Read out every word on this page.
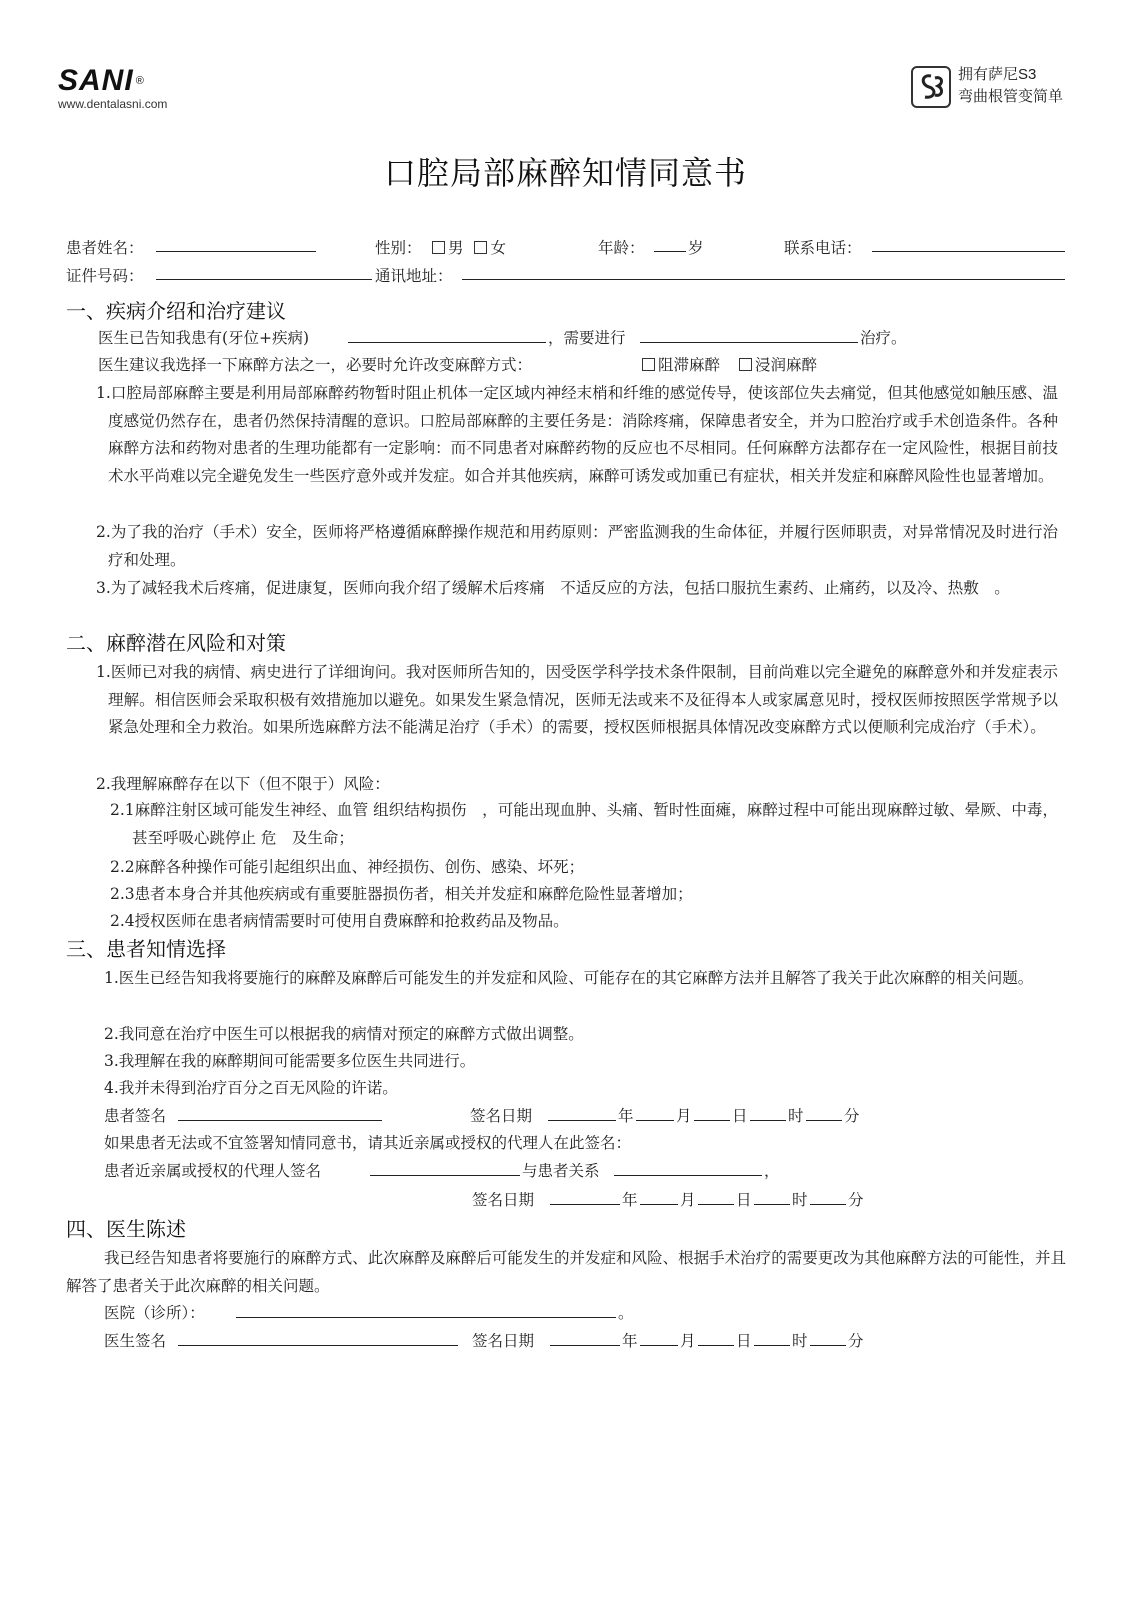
SANI ®
www.dentalasni.com
拥有萨尼S3
弯曲根管变简单
口腔局部麻醉知情同意书
患者姓名：	性别：	男 女	年龄：	岁	联系电话：
证件号码：	通讯地址：
一、疾病介绍和治疗建议
医生已告知我患有(牙位+疾病)	，需要进行	治疗。
医生建议我选择一下麻醉方法之一，必要时允许改变麻醉方式：	阻滞麻醉 浸润麻醉
1.口腔局部麻醉主要是利用局部麻醉药物暂时阻止机体一定区域内神经末梢和纤维的感觉传导，使该部位失去痛觉，但其他感觉如触压感、温度感觉仍然存在，患者仍然保持清醒的意识。口腔局部麻醉的主要任务是：消除疼痛，保障患者安全，并为口腔治疗或手术创造条件。各种麻醉方法和药物对患者的生理功能都有一定影响：而不同患者对麻醉药物的反应也不尽相同。任何麻醉方法都存在一定风险性，根据目前技术水平尚难以完全避免发生一些医疗意外或并发症。如合并其他疾病，麻醉可诱发或加重已有症状，相关并发症和麻醉风险性也显著增加。
2.为了我的治疗（手术）安全，医师将严格遵循麻醉操作规范和用药原则：严密监测我的生命体征，并履行医师职责，对异常情况及时进行治疗和处理。
3.为了减轻我术后疼痛，促进康复，医师向我介绍了缓解术后疼痛　不适反应的方法，包括口服抗生素药、止痛药，以及冷、热敷　。
二、麻醉潜在风险和对策
1.医师已对我的病情、病史进行了详细询问。我对医师所告知的，因受医学科学技术条件限制，目前尚难以完全避免的麻醉意外和并发症表示理解。相信医师会采取积极有效措施加以避免。如果发生紧急情况，医师无法或来不及征得本人或家属意见时，授权医师按照医学常规予以紧急处理和全力救治。如果所选麻醉方法不能满足治疗（手术）的需要，授权医师根据具体情况改变麻醉方式以便顺利完成治疗（手术）。
2.我理解麻醉存在以下（但不限于）风险：
2.1麻醉注射区域可能发生神经、血管 组织结构损伤　，可能出现血肿、头痛、暂时性面瘫，麻醉过程中可能出现麻醉过敏、晕厥、中毒，甚至呼吸心跳停止 危　及生命；
2.2麻醉各种操作可能引起组织出血、神经损伤、创伤、感染、坏死；
2.3患者本身合并其他疾病或有重要脏器损伤者，相关并发症和麻醉危险性显著增加；
2.4授权医师在患者病情需要时可使用自费麻醉和抢救药品及物品。
三、患者知情选择
1.医生已经告知我将要施行的麻醉及麻醉后可能发生的并发症和风险、可能存在的其它麻醉方法并且解答了我关于此次麻醉的相关问题。
2.我同意在治疗中医生可以根据我的病情对预定的麻醉方式做出调整。
3.我理解在我的麻醉期间可能需要多位医生共同进行。
4.我并未得到治疗百分之百无风险的许诺。
患者签名	签名日期	年	月	日	时	分
如果患者无法或不宜签署知情同意书，请其近亲属或授权的代理人在此签名：
患者近亲属或授权的代理人签名	与患者关系	，
签名日期	年	月	日	时	分
四、医生陈述
我已经告知患者将要施行的麻醉方式、此次麻醉及麻醉后可能发生的并发症和风险、根据手术治疗的需要更改为其他麻醉方法的可能性，并且解答了患者关于此次麻醉的相关问题。
医院（诊所）：	。
医生签名	签名日期	年	月	日	时	分
